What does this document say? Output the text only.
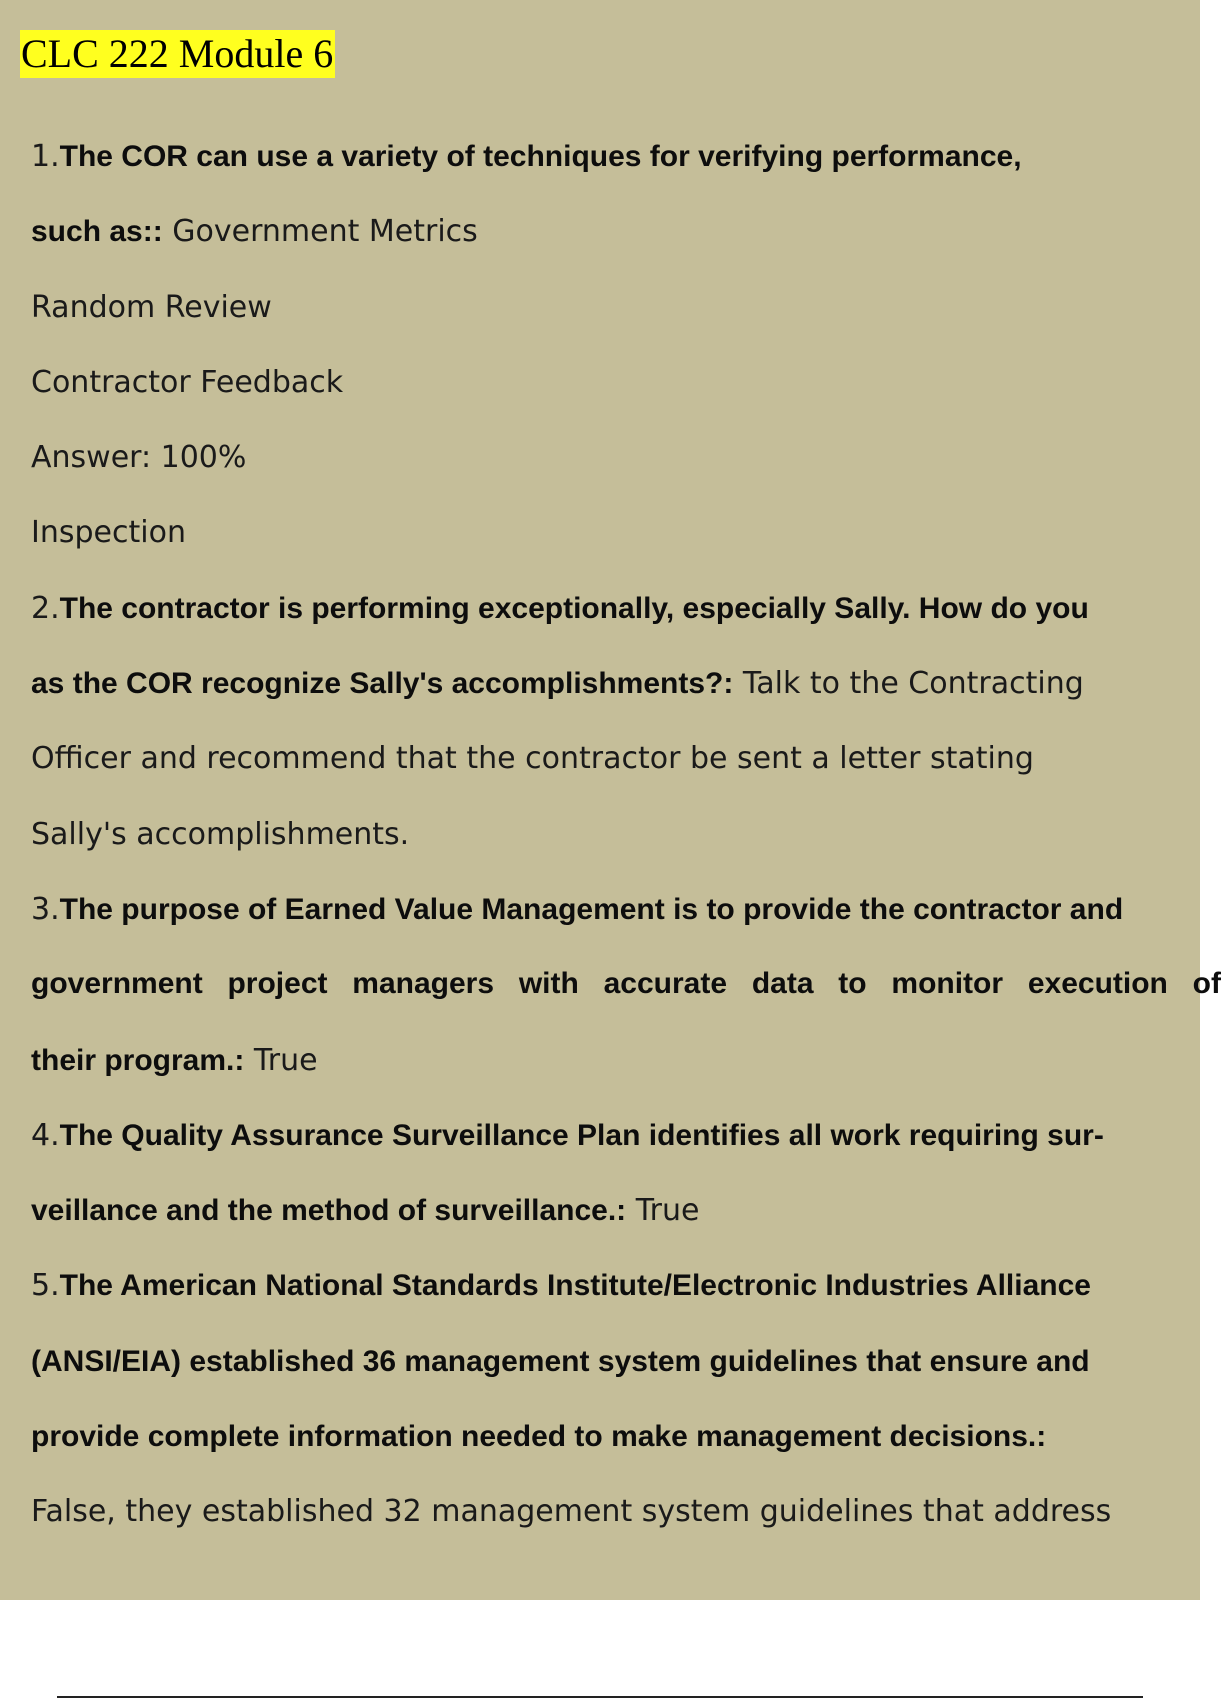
CLC 222 Module 6
1.The COR can use a variety of techniques for verifying performance,
such as:: Government Metrics
Random Review
Contractor Feedback
Answer: 100%
Inspection
2.The contractor is performing exceptionally, especially Sally. How do you
as the COR recognize Sally's accomplishments?: Talk to the Contracting
Officer and recommend that the contractor be sent a letter stating
Sally's accomplishments.
3.The purpose of Earned Value Management is to provide the contractor and
government project managers with accurate data to monitor execution of
their program.: True
4.The Quality Assurance Surveillance Plan identifies all work requiring sur-
veillance and the method of surveillance.: True
5.The American National Standards Institute/Electronic Industries Alliance
(ANSI/EIA) established 36 management system guidelines that ensure and
provide complete information needed to make management decisions.:
False, they established 32 management system guidelines that address
